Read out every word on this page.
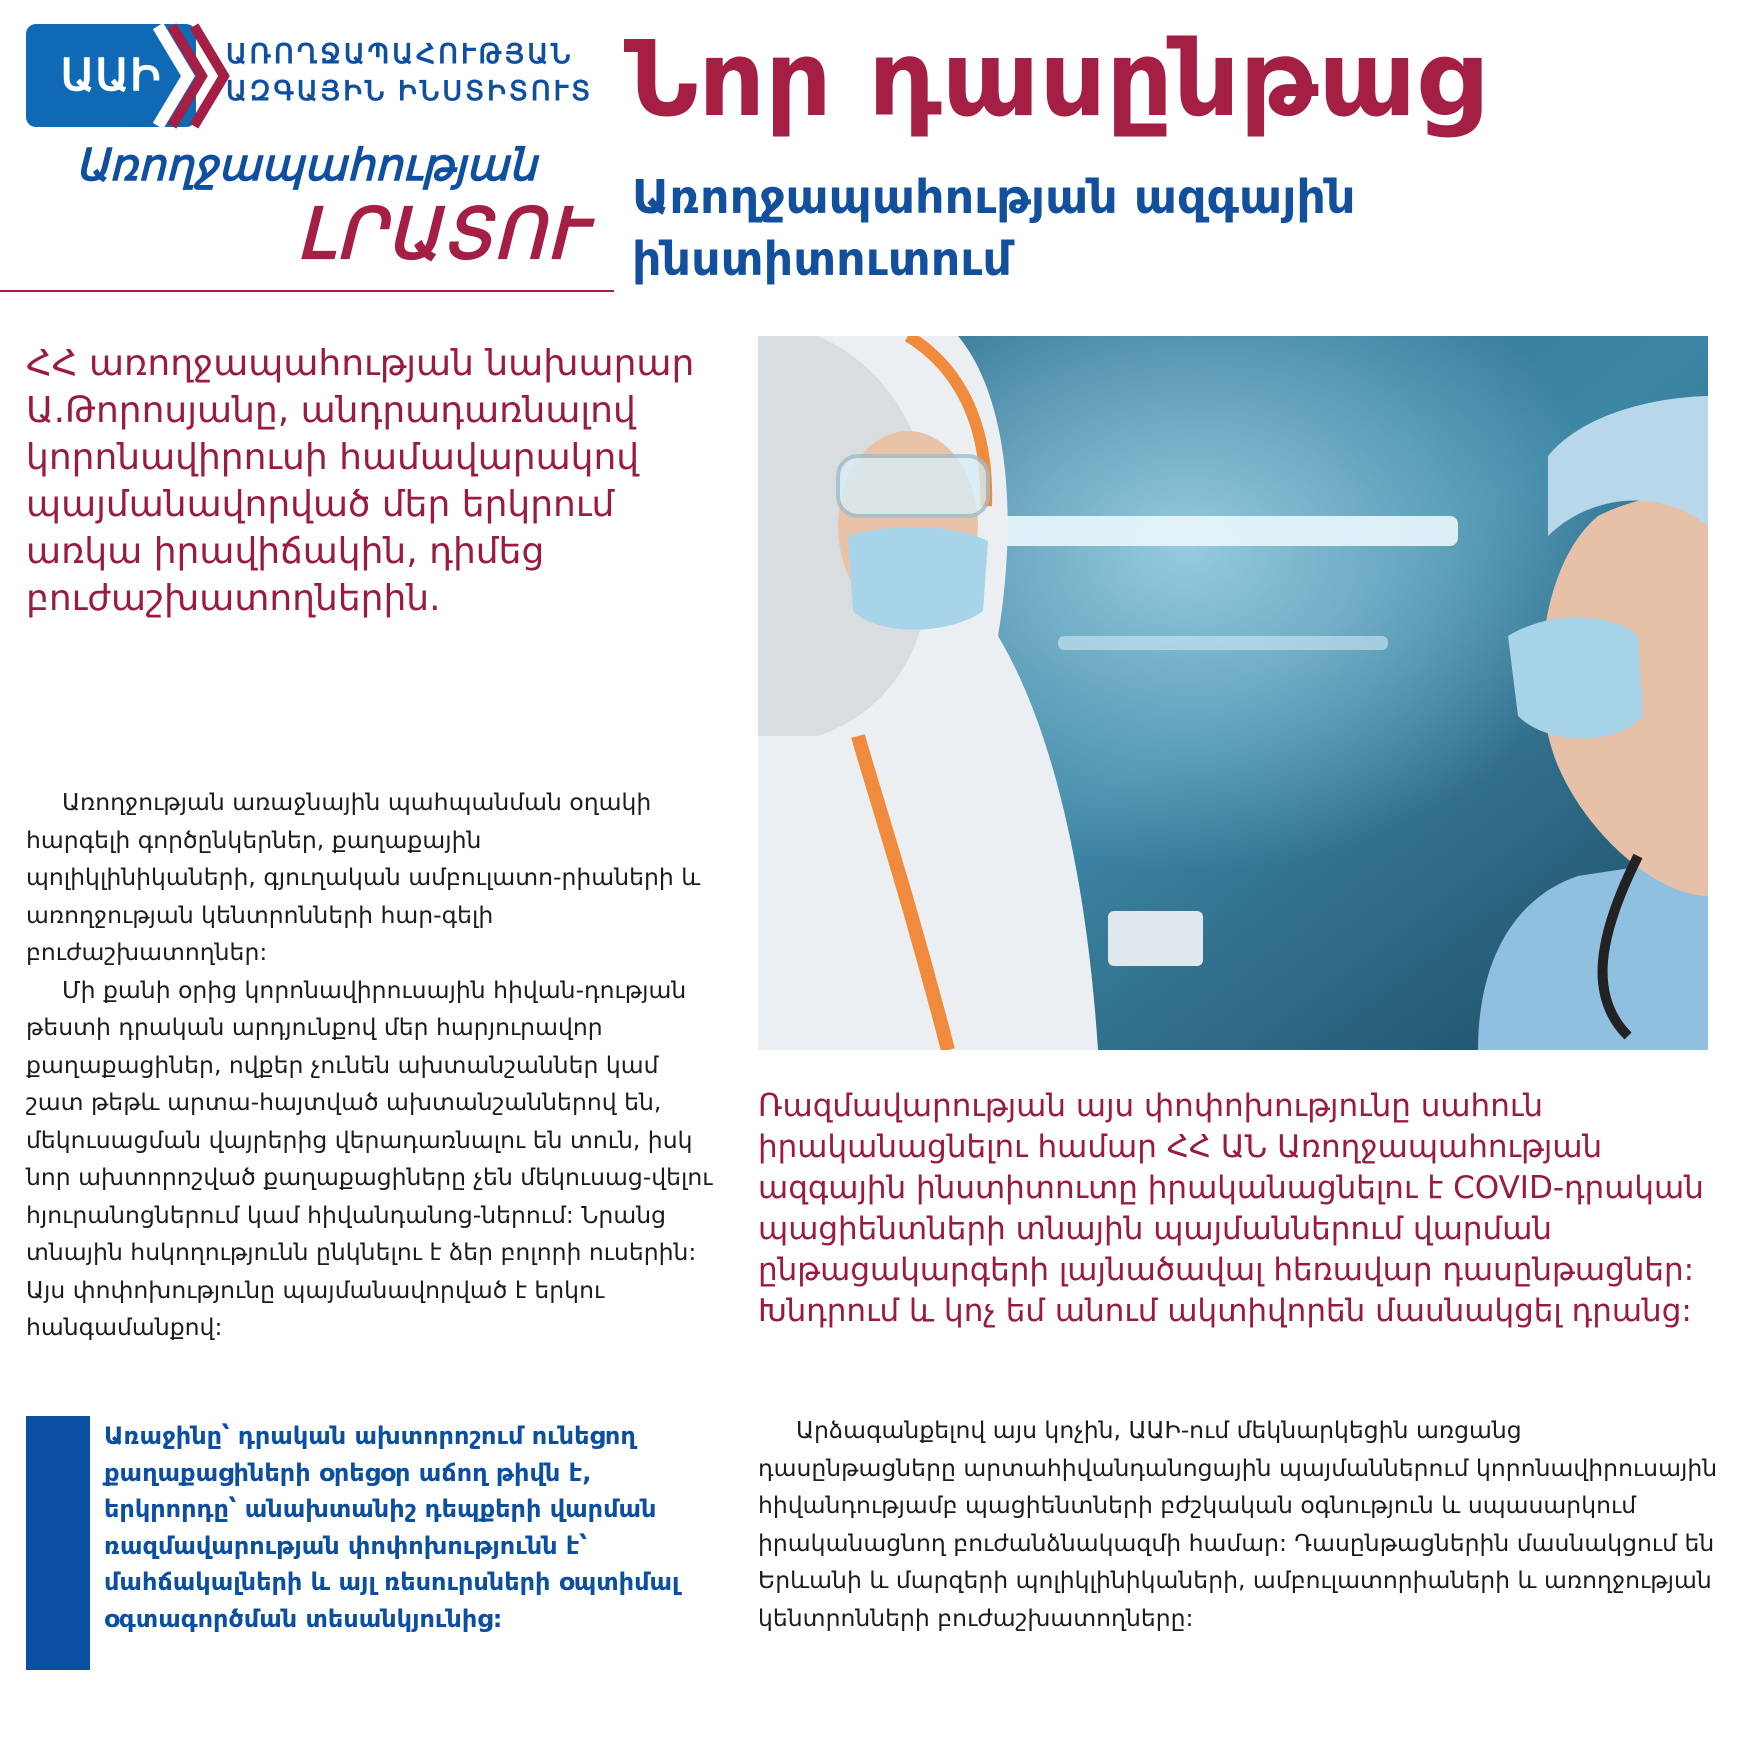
ԱԱԻ	ԱՌՈՂՋԱՊԱՀՈՒԹՅԱՆ
ԱԶԳԱՅԻՆ ԻՆՍՏԻՏՈՒՏ
Առողջապահության
ԼՐԱՏՈՒ
Նոր դասընթաց
Առողջապահության ազգային ինստիտուտում
ՀՀ առողջապահության նախարար Ա.Թորոսյանը, անդրադառնալով կորոնավիրուսի համավարակով պայմանավորված մեր երկրում առկա իրավիճակին, դիմեց բուժաշխատողներին.

Առողջության առաջնային պահպանման օղակի հարգելի գործընկերներ, քաղաքային պոլիկլինիկաների, գյուղական ամբուլատո-րիաների և առողջության կենտրոնների հար-գելի բուժաշխատողներ:

Մի քանի օրից կորոնավիրուսային հիվան-դության թեստի դրական արդյունքով մեր հարյուրավոր քաղաքացիներ, ովքեր չունեն ախտանշաններ կամ շատ թեթև արտա-հայտված ախտանշաններով են, մեկուսացման վայրերից վերադառնալու են տուն, իսկ նոր ախտորոշված քաղաքացիները չեն մեկուսաց-վելու հյուրանոցներում կամ հիվանդանոց-ներում: Նրանց տնային հսկողությունն ընկնելու է ձեր բոլորի ուսերին: Այս փոփոխությունը պայմանավորված է երկու հանգամանքով:

Առաջինը՝ դրական ախտորոշում ունեցող քաղաքացիների օրեցօր աճող թիվն է, երկրորդը՝ անախտանիշ դեպքերի վարման ռազմավարության փոփոխությունն է՝ մահճակալների և այլ ռեսուրսների օպտիմալ օգտագործման տեսանկյունից:
Ռազմավարության այս փոփոխությունը սահուն իրականացնելու համար ՀՀ ԱՆ Առողջապահության ազգային ինստիտուտը իրականացնելու է COVID-դրական պացիենտների տնային պայմաններում վարման ընթացակարգերի լայնածավալ հեռավար դասընթացներ: Խնդրում և կոչ եմ անում ակտիվորեն մասնակցել դրանց:

Արձագանքելով այս կոչին, ԱԱԻ-ում մեկնարկեցին առցանց դասընթացները արտահիվանդանոցային պայմաններում կորոնավիրուսային հիվանդությամբ պացիենտների բժշկական օգնություն և սպասարկում իրականացնող բուժանձնակազմի համար: Դասընթացներին մասնակցում են Երևանի և մարզերի պոլիկլինիկաների, ամբուլատորիաների և առողջության կենտրոնների բուժաշխատողները:
